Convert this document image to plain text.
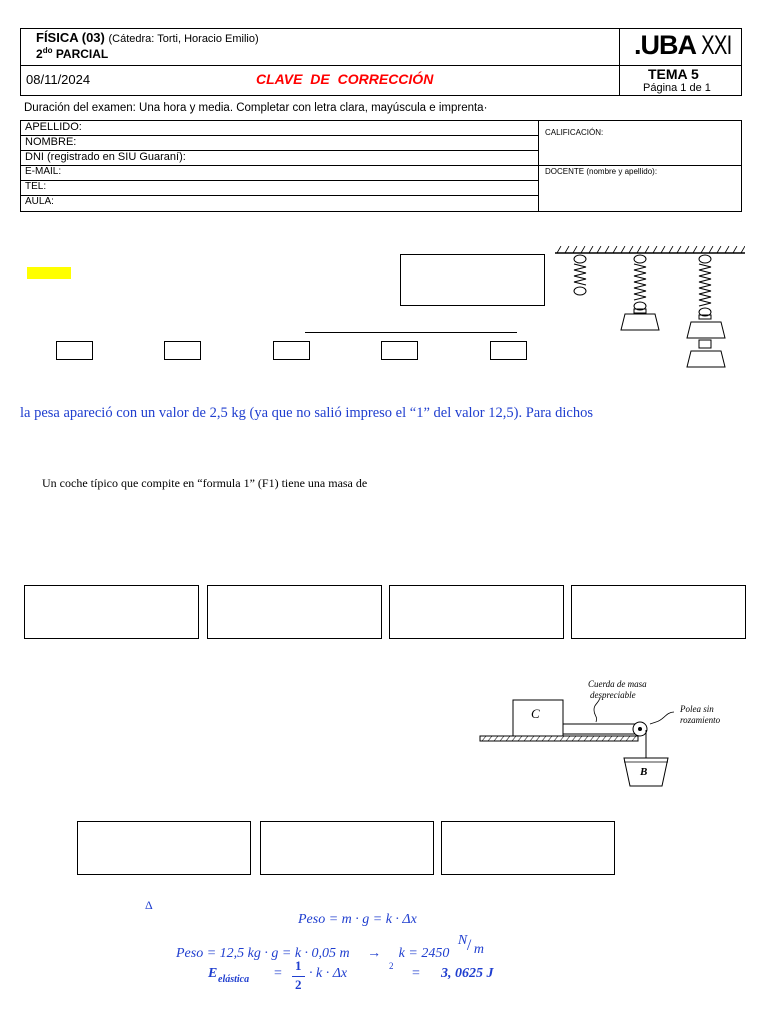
FÍSICA (03) (Cátedra: Torti, Horacio Emilio)
$2^{do}$ PARCIAL	.UBA XXI
08/11/2024	CLAVE DE CORRECCIÓN	TEMA 5
Página 1 de 1
Duración del examen: Una hora y media. Completar con letra clara, mayúscula e imprenta·
APELLIDO:
NOMBRE:
DNI (registrado en SIU Guaraní):
E-MAIL:
TEL:
AULA:
CALIFICACIÓN:
DOCENTE (nombre y apellido):
la pesa apareció con un valor de 2,5 kg (ya que no salió impreso el “1” del valor 12,5). Para dichos
Un coche típico que compite en “formula 1” (F1) tiene una masa de
C
B
Cuerda de masa
despreciable
Polea sin
rozamiento
Δ
Peso = m · g = k · Δx
Peso = 12,5 kg · g = k · 0,05 m → k = 2450
N / m
E elástica =
1
2
· k · Δx	2 = 3, 0625 J
